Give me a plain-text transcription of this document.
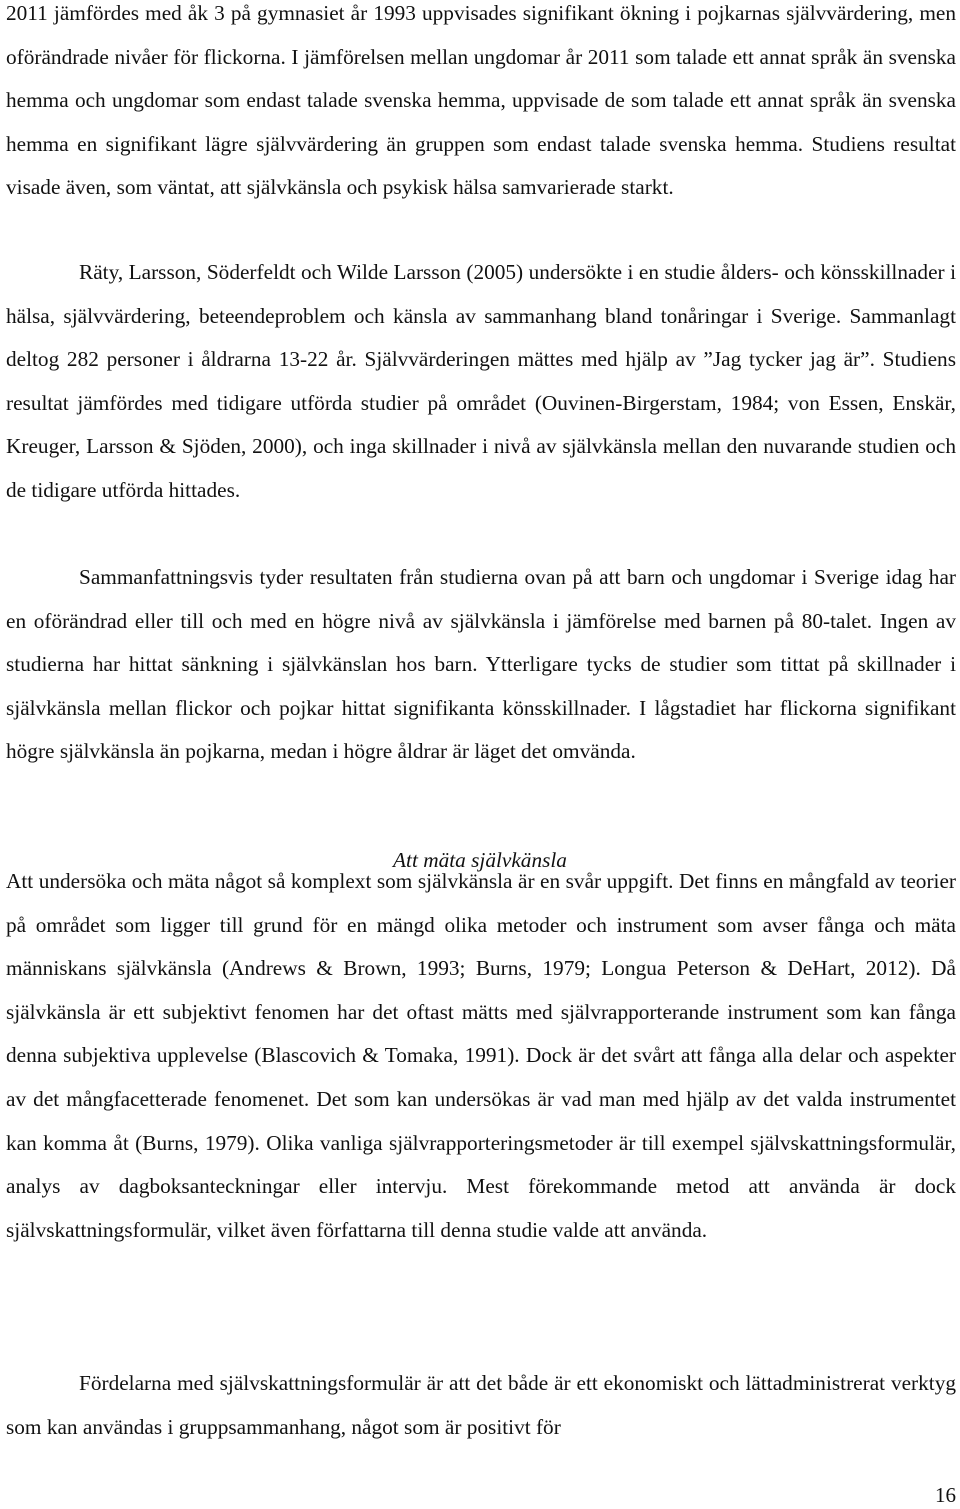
2011 jämfördes med åk 3 på gymnasiet år 1993 uppvisades signifikant ökning i pojkarnas självvärdering, men oförändrade nivåer för flickorna. I jämförelsen mellan ungdomar år 2011 som talade ett annat språk än svenska hemma och ungdomar som endast talade svenska hemma, uppvisade de som talade ett annat språk än svenska hemma en signifikant lägre självvärdering än gruppen som endast talade svenska hemma. Studiens resultat visade även, som väntat, att självkänsla och psykisk hälsa samvarierade starkt.

Räty, Larsson, Söderfeldt och Wilde Larsson (2005) undersökte i en studie ålders- och könsskillnader i hälsa, självvärdering, beteendeproblem och känsla av sammanhang bland tonåringar i Sverige. Sammanlagt deltog 282 personer i åldrarna 13-22 år. Självvärderingen mättes med hjälp av ”Jag tycker jag är”. Studiens resultat jämfördes med tidigare utförda studier på området (Ouvinen-Birgerstam, 1984; von Essen, Enskär, Kreuger, Larsson & Sjöden, 2000), och inga skillnader i nivå av självkänsla mellan den nuvarande studien och de tidigare utförda hittades.

Sammanfattningsvis tyder resultaten från studierna ovan på att barn och ungdomar i Sverige idag har en oförändrad eller till och med en högre nivå av självkänsla i jämförelse med barnen på 80-talet. Ingen av studierna har hittat sänkning i självkänslan hos barn. Ytterligare tycks de studier som tittat på skillnader i självkänsla mellan flickor och pojkar hittat signifikanta könsskillnader. I lågstadiet har flickorna signifikant högre självkänsla än pojkarna, medan i högre åldrar är läget det omvända.

Att mäta självkänsla

Att undersöka och mäta något så komplext som självkänsla är en svår uppgift. Det finns en mångfald av teorier på området som ligger till grund för en mängd olika metoder och instrument som avser fånga och mäta människans självkänsla (Andrews & Brown, 1993; Burns, 1979; Longua Peterson & DeHart, 2012). Då självkänsla är ett subjektivt fenomen har det oftast mätts med självrapporterande instrument som kan fånga denna subjektiva upplevelse (Blascovich & Tomaka, 1991). Dock är det svårt att fånga alla delar och aspekter av det mångfacetterade fenomenet. Det som kan undersökas är vad man med hjälp av det valda instrumentet kan komma åt (Burns, 1979). Olika vanliga självrapporteringsmetoder är till exempel självskattningsformulär, analys av dagboksanteckningar eller intervju. Mest förekommande metod att använda är dock självskattningsformulär, vilket även författarna till denna studie valde att använda.

Fördelarna med självskattningsformulär är att det både är ett ekonomiskt och lättadministrerat verktyg som kan användas i gruppsammanhang, något som är positivt för

16
